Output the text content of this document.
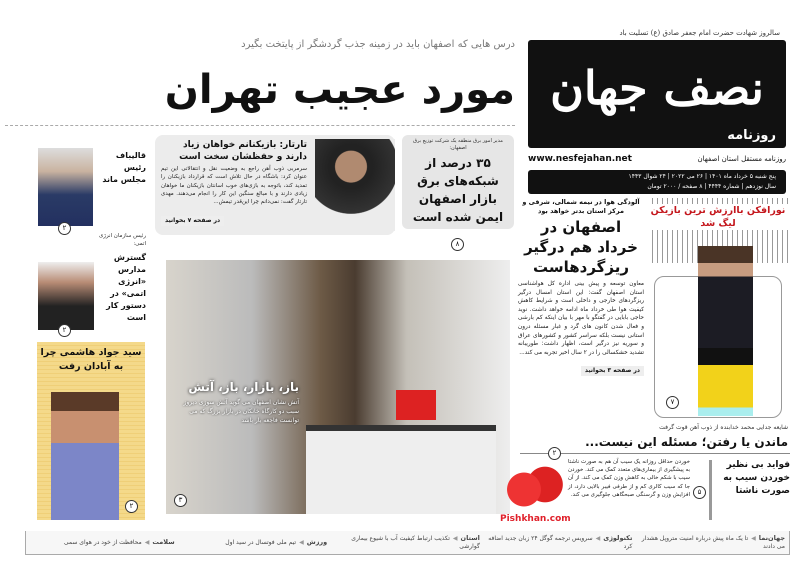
سالروز شهادت حضرت امام جعفر صادق (ع) تسلیت باد
نصف جهان
روزنامه
www.nesfejahan.net	روزنامه مستقل استان اصفهان
پنج شنبه ۵ خرداد ماه ۱۴۰۱ | ۲۶ می ۲۰۲۲ | ۲۴ شوال ۱۴۴۳
سال نوزدهم | شماره ۴۴۴۴ | ۸ صفحه / ۲۰۰۰ تومان
درس هایی که اصفهان باید در زمینه جذب گردشگر از پایتخت بگیرد
مورد عجیب تهران
قالیباف رئیس مجلس ماند
۲
تارتار: بازیکنانم خواهان زیاد دارند و حفظشان سخت است
سرمربی ذوب آهن راجع به وضعیت نقل و انتقالاتی این تیم عنوان کرد: باشگاه در حال تلاش است که قرارداد بازیکنان را تمدید کند، باتوجه به بازی‌های خوب اسانتان بازیکنان ما خواهان زیادی دارند و با مبالغ سنگین این کار را انجام می‌دهند. مهدی تارتار گفت: نمی‌دانم چرا این‌قدر تیمش...
در صفحه ۷ بخوانید
مدیر امور برق منطقه یک شرکت توزیع برق اصفهان:
۳۵ درصد از شبکه‌های برق بازار اصفهان ایمن شده است
۸
رئیس سازمان انرژی اتمی:
گسترش مدارس «انرژی اتمی» در دستور کار است
۲
سید جواد هاشمی چرا به آبادان رفت
۲
باز، بازار، باز، آتش
آتش نشان اصفهان می گوید آتش سوزی دیروز سبب دو کارگاه خانکان در بازار بزرگ که می توانست فاجعه بار باشد
۳
آلودگی هوا در نیمه شمالی، شرقی و مرکز استان بدتر خواهد بود
اصفهان در خرداد هم درگیر ریزگردهاست
معاون توسعه و پیش بینی اداره کل هواشناسی استان اصفهان گفت: این استان امسال درگیر ریزگردهای خارجی و داخلی است و شرایط کاهش کیفیت هوا طی خرداد ماه ادامه خواهد داشت. نوید حاجی بابایی در گفتگو با مهر با بیان اینکه کم بارشی و فعال شدن کانون های گرد و غبار مسئله درون استانی نیست بلکه سراسر کشور و کشورهای عراق و سوریه نیز درگیر است، اظهار داشت: طوریبانه تشدید خشکسالی را در ۲ سال اخیر تجربه می کند...
در صفحه ۳ بخوانید
نورافکن باارزش ترین بازیکن لیگ شد
۷
شایعه جدایی محمد خدابنده از ذوب آهن قوت گرفت
ماندن یا رفتن؛ مسئله این نیست...
۲
Pishkhan.com
خوردن حداقل روزانه یک سیب آن هم به صورت ناشتا به پیشگیری از بیماری‌های متعدد کمک می کند. خوردن سیب با شکم خالی به کاهش وزن کمک می کند. از آن جا که سیب کالری کم و از طرفی فیبر بالایی دارد، از افزایش وزن و گرسنگی صبحگاهی جلوگیری می کند.	۵
فواید بی نظیر خوردن سیب به صورت ناشتا
جهان‌نما◀تا یک ماه پیش درباره امنیت متروپل هشدار می دادند
تکنولوژی◀سرویس ترجمه گوگل ۲۴ زبان جدید اضافه کرد
استان◀تکذیب ارتباط کیفیت آب با شیوع بیماری گوارشی
ورزش◀تیم ملی فوتسال در سید اول
سلامت◀محافظت از خود در هوای سمی
